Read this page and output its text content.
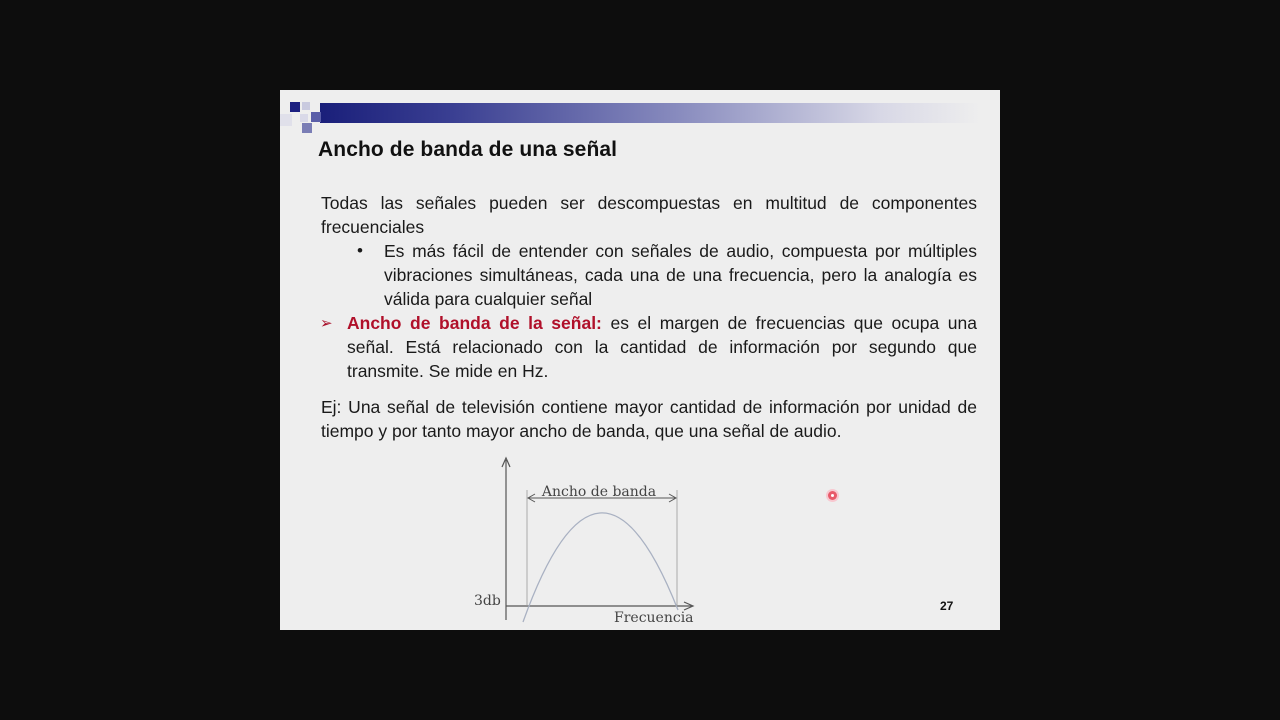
Ancho de banda de una señal
Todas las señales pueden ser descompuestas en multitud de componentes frecuenciales
• Es más fácil de entender con señales de audio, compuesta por múltiples vibraciones simultáneas, cada una de una frecuencia, pero la analogía es válida para cualquier señal
➢ Ancho de banda de la señal: es el margen de frecuencias que ocupa una señal. Está relacionado con la cantidad de información por segundo que transmite. Se mide en Hz.
Ej: Una señal de televisión contiene mayor cantidad de información por unidad de tiempo y por tanto mayor ancho de banda, que una señal de audio.
Ancho de banda
3db
Frecuencia
27
